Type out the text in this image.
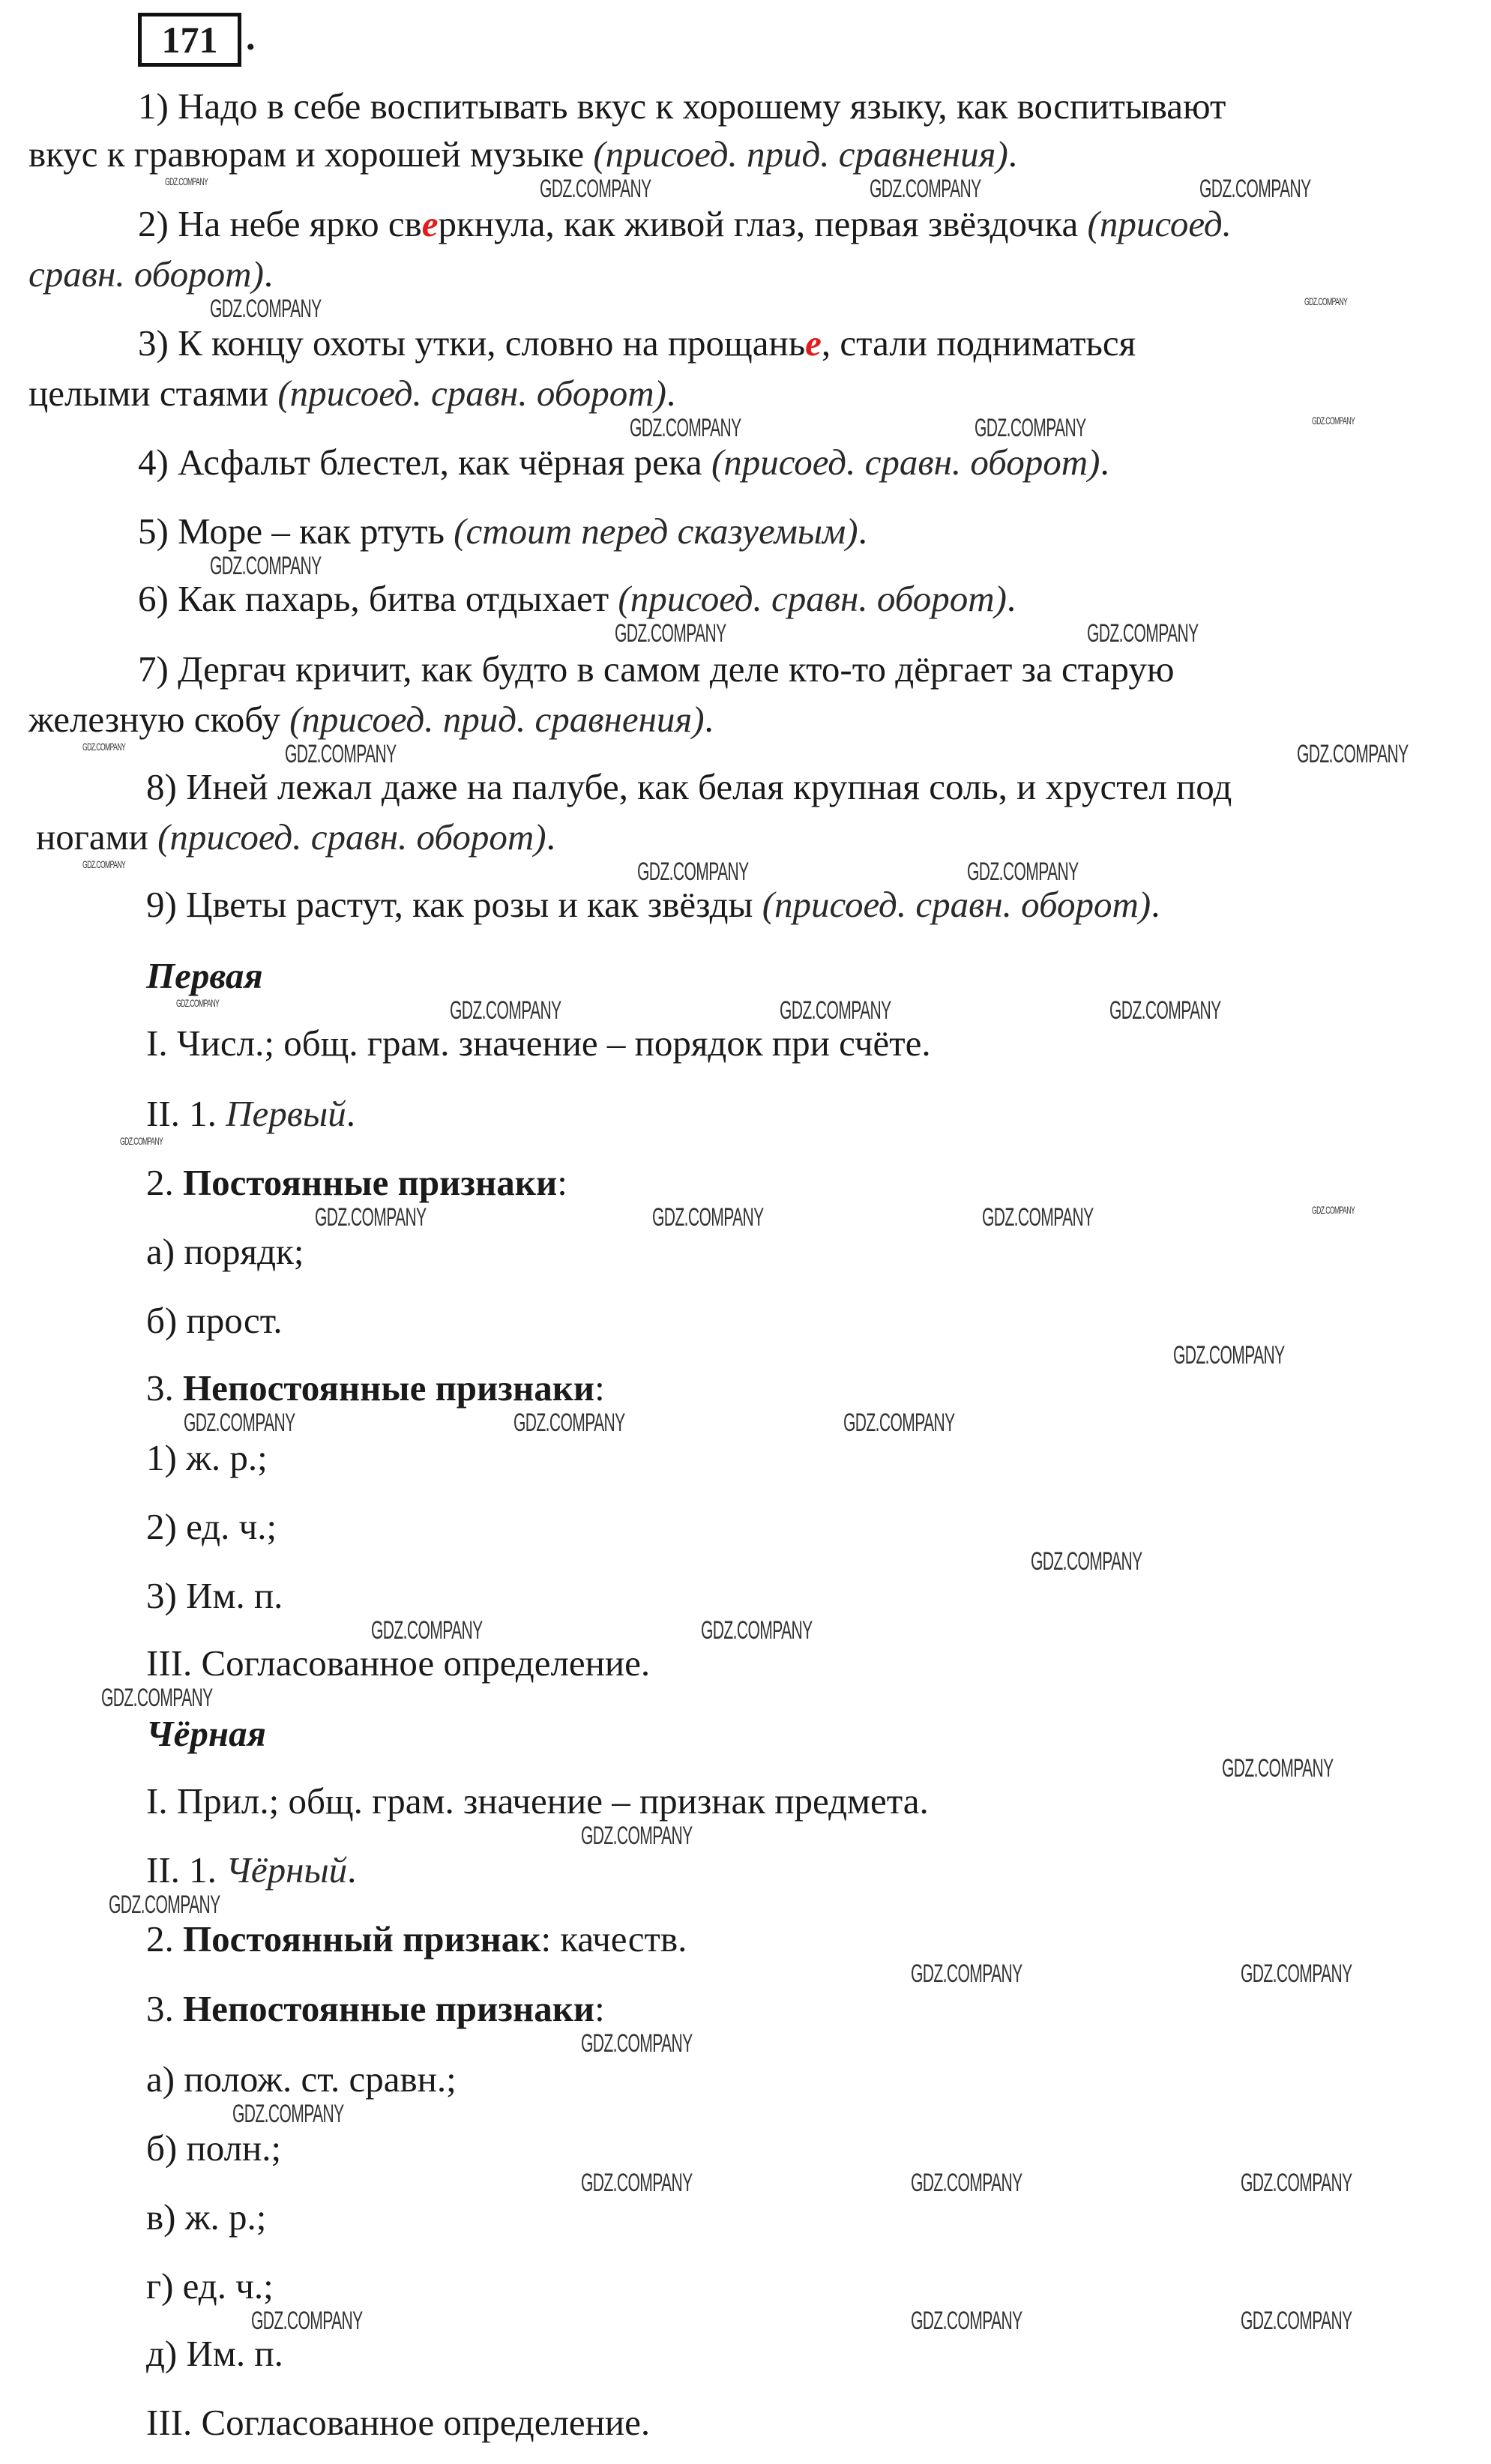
171 .
1) Надо в себе воспитывать вкус к хорошему языку, как воспитывают
вкус к гравюрам и хорошей музыке (присоед. прид. сравнения).
2) На небе ярко сверкнула, как живой глаз, первая звёздочка (присоед.
сравн. оборот).
3) К концу охоты утки, словно на прощанье, стали подниматься
целыми стаями (присоед. сравн. оборот).
4) Асфальт блестел, как чёрная река (присоед. сравн. оборот).
5) Море – как ртуть (стоит перед сказуемым).
6) Как пахарь, битва отдыхает (присоед. сравн. оборот).
7) Дергач кричит, как будто в самом деле кто-то дёргает за старую
железную скобу (присоед. прид. сравнения).
8) Иней лежал даже на палубе, как белая крупная соль, и хрустел под
ногами (присоед. сравн. оборот).
9) Цветы растут, как розы и как звёзды (присоед. сравн. оборот).
Первая
I. Числ.; общ. грам. значение – порядок при счёте.
II. 1. Первый.
2. Постоянные признаки:
а) порядк;
б) прост.
3. Непостоянные признаки:
1) ж. р.;
2) ед. ч.;
3) Им. п.
III. Согласованное определение.
Чёрная
I. Прил.; общ. грам. значение – признак предмета.
II. 1. Чёрный.
2. Постоянный признак: качеств.
3. Непостоянные признаки:
а) полож. ст. сравн.;
б) полн.;
в) ж. р.;
г) ед. ч.;
д) Им. п.
III. Согласованное определение.
GDZ.COMPANY	GDZ.COMPANY	GDZ.COMPANY	GDZ.COMPANY
GDZ.COMPANY	GDZ.COMPANY
GDZ.COMPANY	GDZ.COMPANY	GDZ.COMPANY
GDZ.COMPANY
GDZ.COMPANY	GDZ.COMPANY
GDZ.COMPANY
GDZ.COMPANY
GDZ.COMPANY	GDZ.COMPANY
GDZ.COMPANY
GDZ.COMPANY
GDZ.COMPANY	GDZ.COMPANY	GDZ.COMPANY	GDZ.COMPANY
GDZ.COMPANY
GDZ.COMPANY	GDZ.COMPANY	GDZ.COMPANY	GDZ.COMPANY
GDZ.COMPANY	GDZ.COMPANY	GDZ.COMPANY
GDZ.COMPANY
GDZ.COMPANY	GDZ.COMPANY
GDZ.COMPANY
GDZ.COMPANY
GDZ.COMPANY
GDZ.COMPANY
GDZ.COMPANY
GDZ.COMPANY	GDZ.COMPANY
GDZ.COMPANY
GDZ.COMPANY
GDZ.COMPANY	GDZ.COMPANY
GDZ.COMPANY
GDZ.COMPANY	GDZ.COMPANY	GDZ.COMPANY
